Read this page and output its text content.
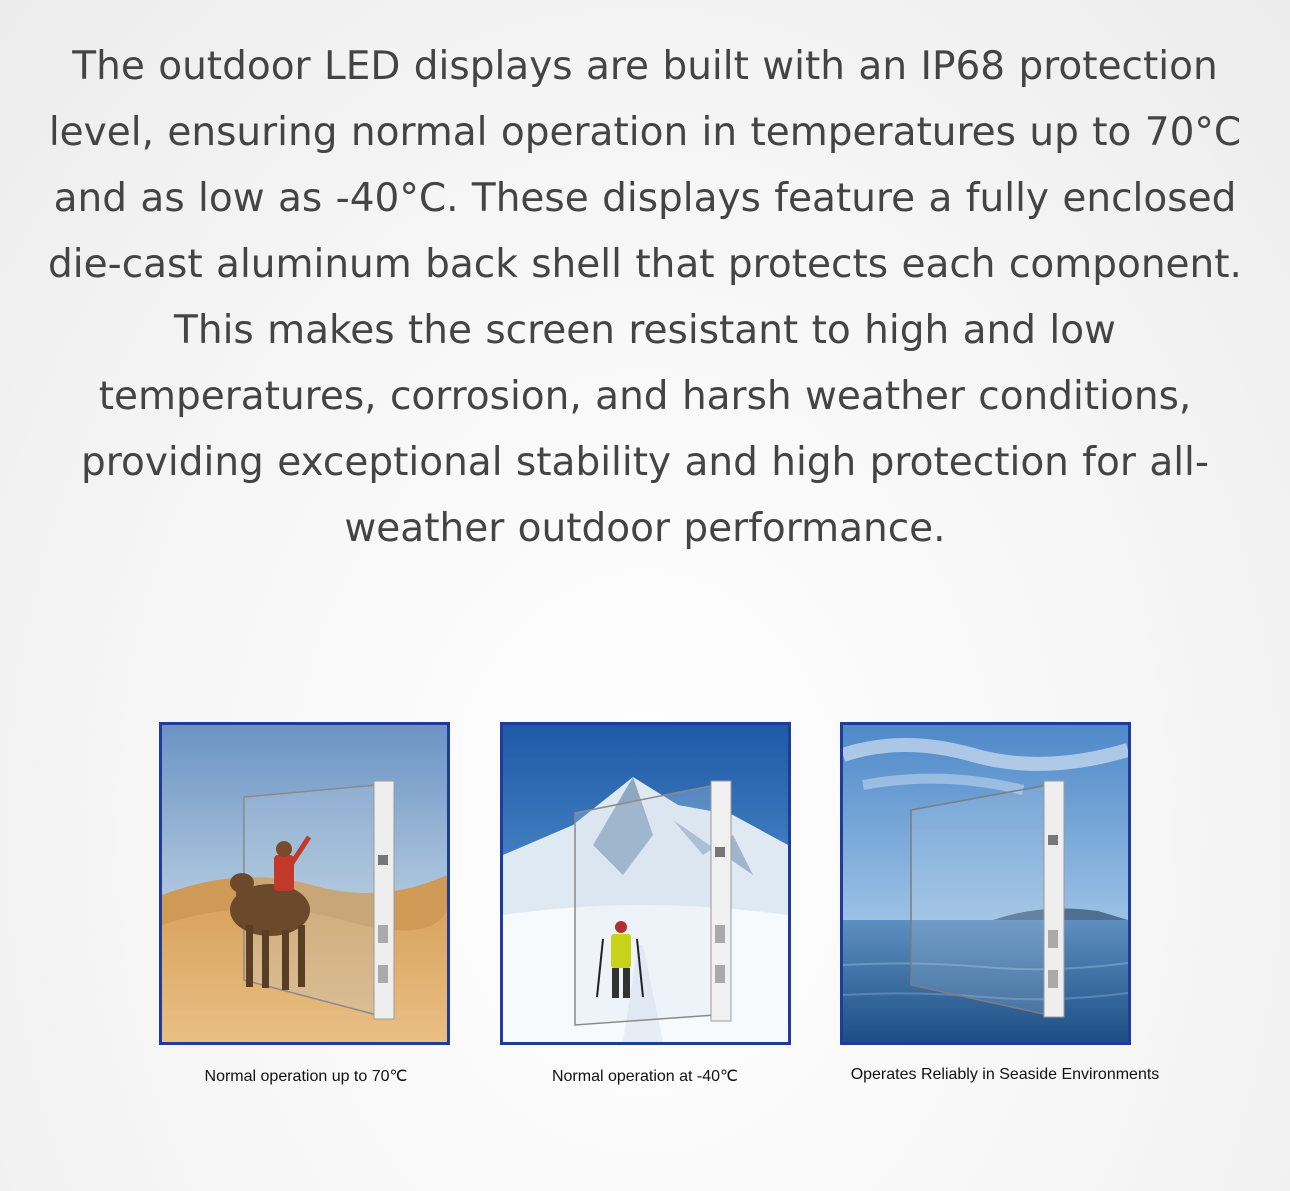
The outdoor LED displays are built with an IP68 protection level, ensuring normal operation in temperatures up to 70°C and as low as -40°C. These displays feature a fully enclosed die-cast aluminum back shell that protects each component. This makes the screen resistant to high and low temperatures, corrosion, and harsh weather conditions, providing exceptional stability and high protection for all-weather outdoor performance.

Normal operation up to 70℃	Normal operation at -40℃	Operates Reliably in Seaside Environments
